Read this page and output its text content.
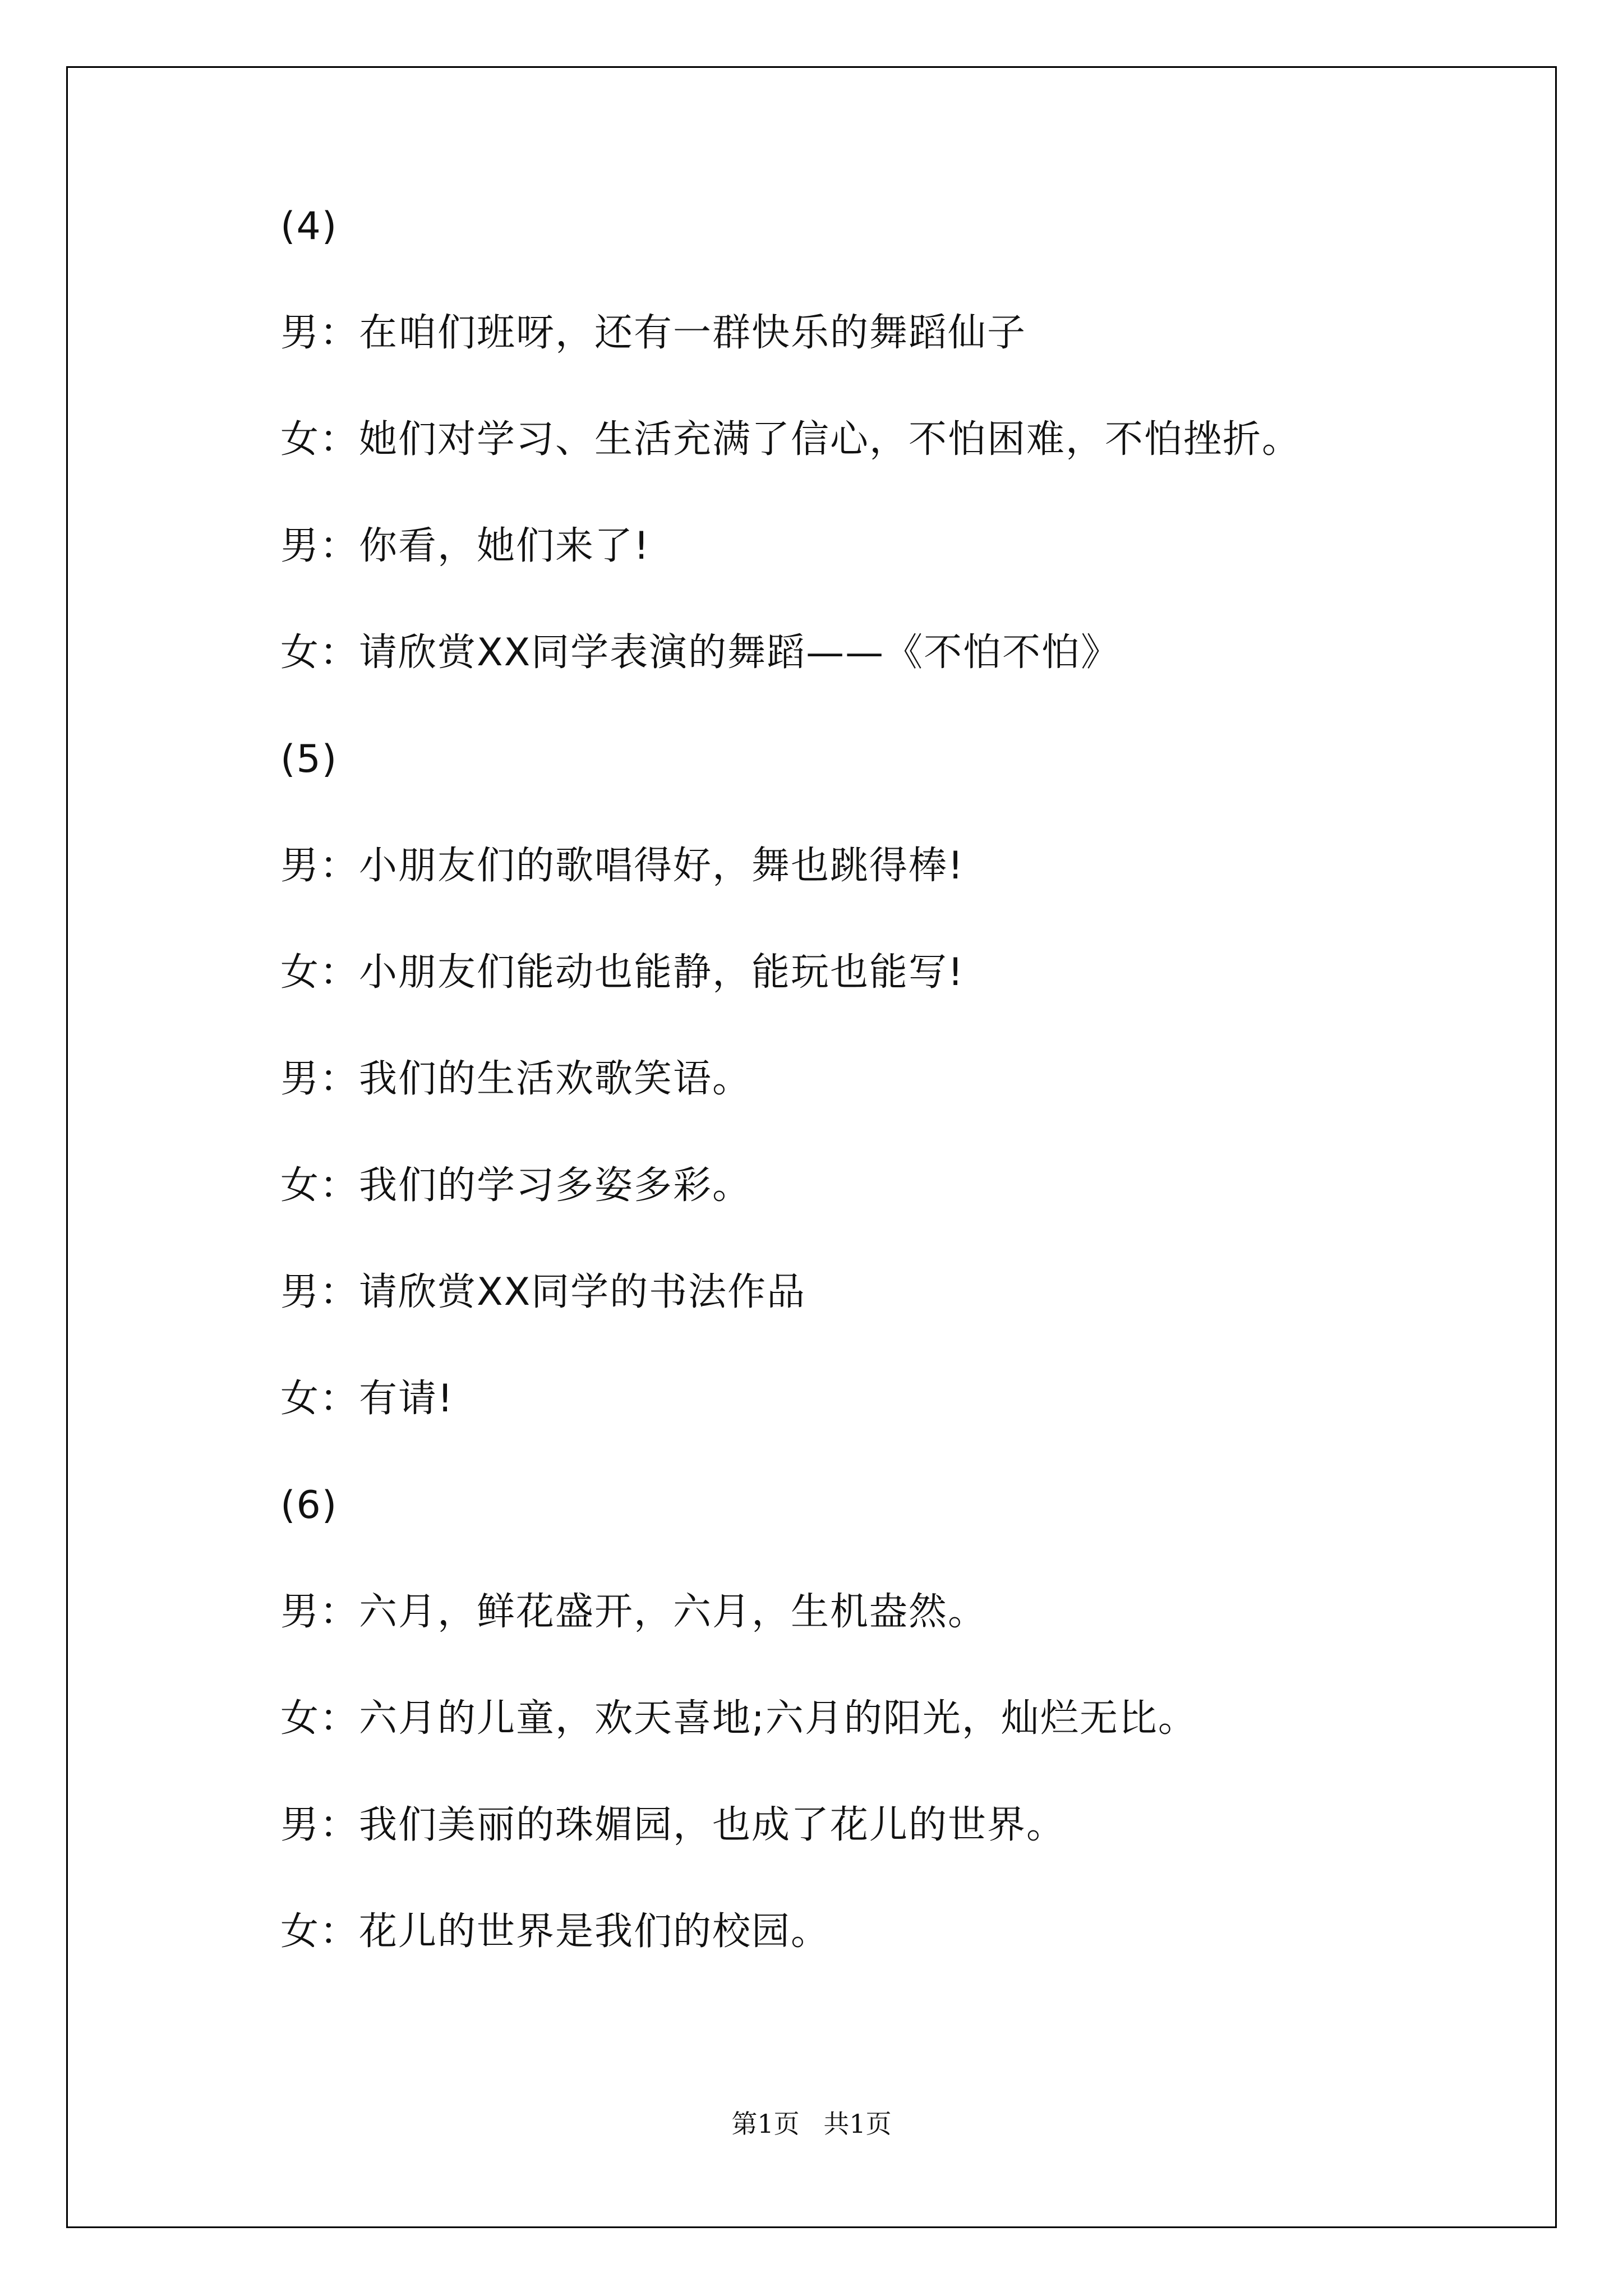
(4)
男：在咱们班呀，还有一群快乐的舞蹈仙子
女：她们对学习、生活充满了信心，不怕困难，不怕挫折。
男：你看，她们来了!
女：请欣赏XX同学表演的舞蹈——《不怕不怕》
(5)
男：小朋友们的歌唱得好，舞也跳得棒!
女：小朋友们能动也能静，能玩也能写!
男：我们的生活欢歌笑语。
女：我们的学习多姿多彩。
男：请欣赏XX同学的书法作品
女：有请!
(6)
男：六月，鲜花盛开，六月，生机盎然。
女：六月的儿童，欢天喜地;六月的阳光，灿烂无比。
男：我们美丽的珠媚园，也成了花儿的世界。
女：花儿的世界是我们的校园。
第1页 共1页
